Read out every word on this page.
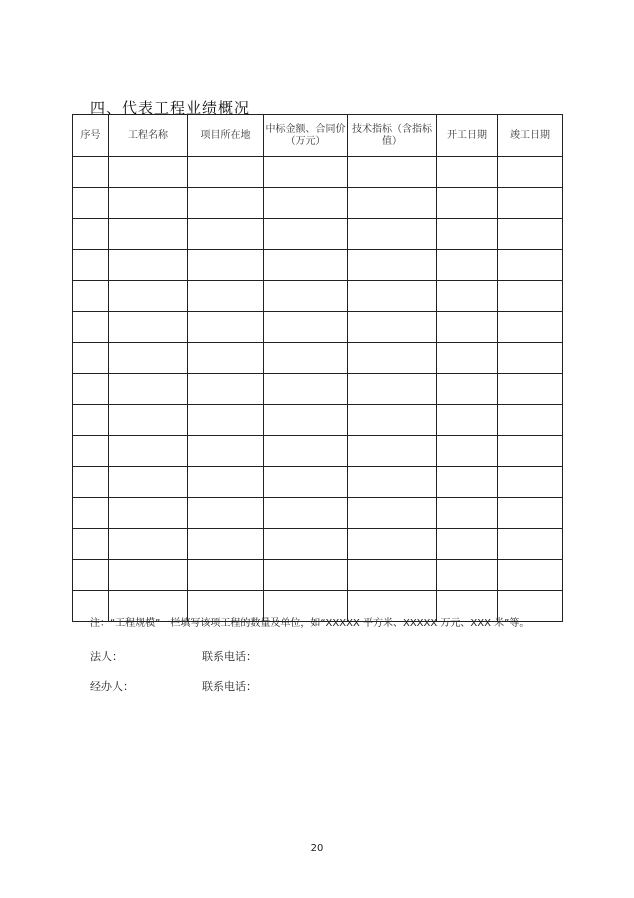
四、代表工程业绩概况
序号	工程名称	项目所在地	中标金额、合同价（万元）	技术指标（含指标值）	开工日期	竣工日期

注：“工程规模”一栏填写该项工程的数量及单位，如“XXXXX 平方米、XXXXX 万元、XXX 米”等。
法人：	联系电话：
经办人：	联系电话：
20
